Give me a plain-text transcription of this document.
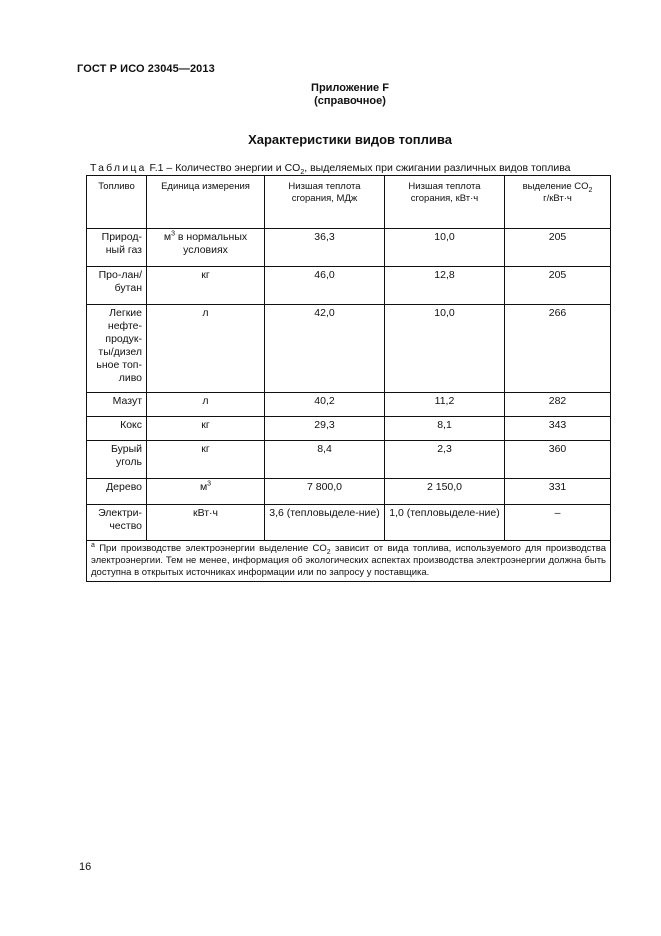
ГОСТ Р ИСО 23045—2013
Приложение F
(справочное)
Характеристики видов топлива
Таблица F.1 – Количество энергии и $CO_2$, выделяемых при сжигании различных видов топлива
Топливо	Единица измерения	Низшая теплота сгорания, МДж	Низшая теплота сгорания, кВт·ч	выделение $CO_2$
г/кВт·ч
Природ-ный газ	$м^3$ в нормальных условиях	36,3	10,0	205
Про-лан/бутан	кг	46,0	12,8	205
Легкие нефте-продук-ты/дизел ьное топ-ливо	л	42,0	10,0	266
Мазут	л	40,2	11,2	282
Кокс	кг	29,3	8,1	343
Бурый уголь	кг	8,4	2,3	360
Дерево	$м^3$	7 800,0	2 150,0	331
Электри-чество	кВт·ч	3,6 (тепловыделе-ние)	1,0 (тепловыделе-ние)	–
$^а$ При производстве электроэнергии выделение $CO_2$ зависит от вида топлива, используемого для производства электроэнергии. Тем не менее, информация об экологических аспектах производства электроэнергии должна быть доступна в открытых источниках информации или по запросу у поставщика.				
16
